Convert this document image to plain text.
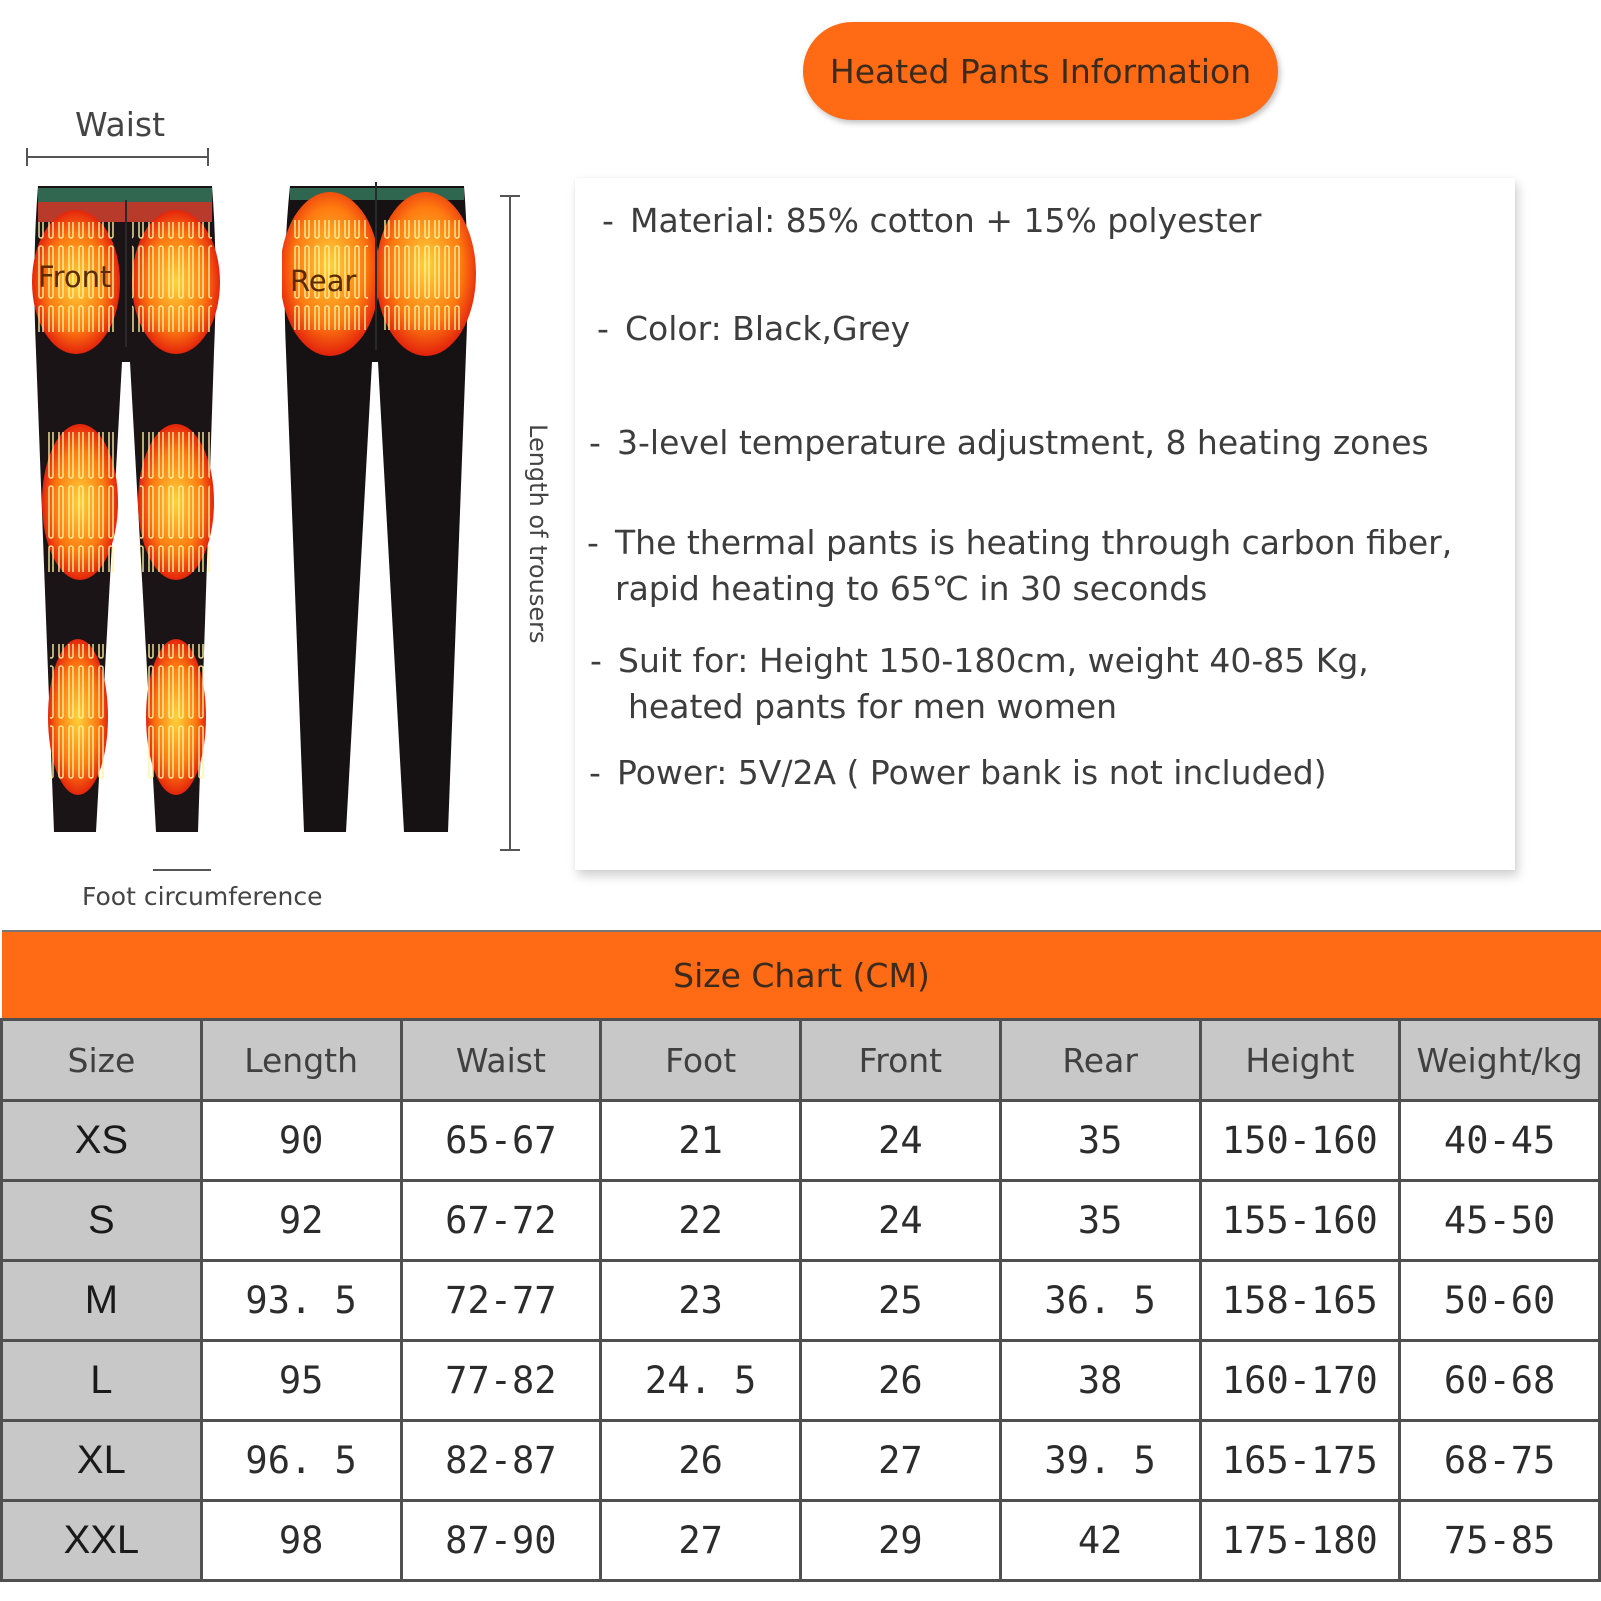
Heated Pants Information
Waist
Front	Rear
Length of trousers
Foot circumference
- Material: 85% cotton + 15% polyester
- Color: Black,Grey
- 3-level temperature adjustment, 8 heating zones
- The thermal pants is heating through carbon fiber,
rapid heating to 65℃ in 30 seconds
- Suit for: Height 150-180cm, weight 40-85 Kg,
heated pants for men women
- Power: 5V/2A ( Power bank is not included)
Size Chart (CM)
Size	Length	Waist	Foot	Front	Rear	Height	Weight/kg
XS	90	65-67	21	24	35	150-160	40-45
S	92	67-72	22	24	35	155-160	45-50
M	93. 5	72-77	23	25	36. 5	158-165	50-60
L	95	77-82	24. 5	26	38	160-170	60-68
XL	96. 5	82-87	26	27	39. 5	165-175	68-75
XXL	98	87-90	27	29	42	175-180	75-85
